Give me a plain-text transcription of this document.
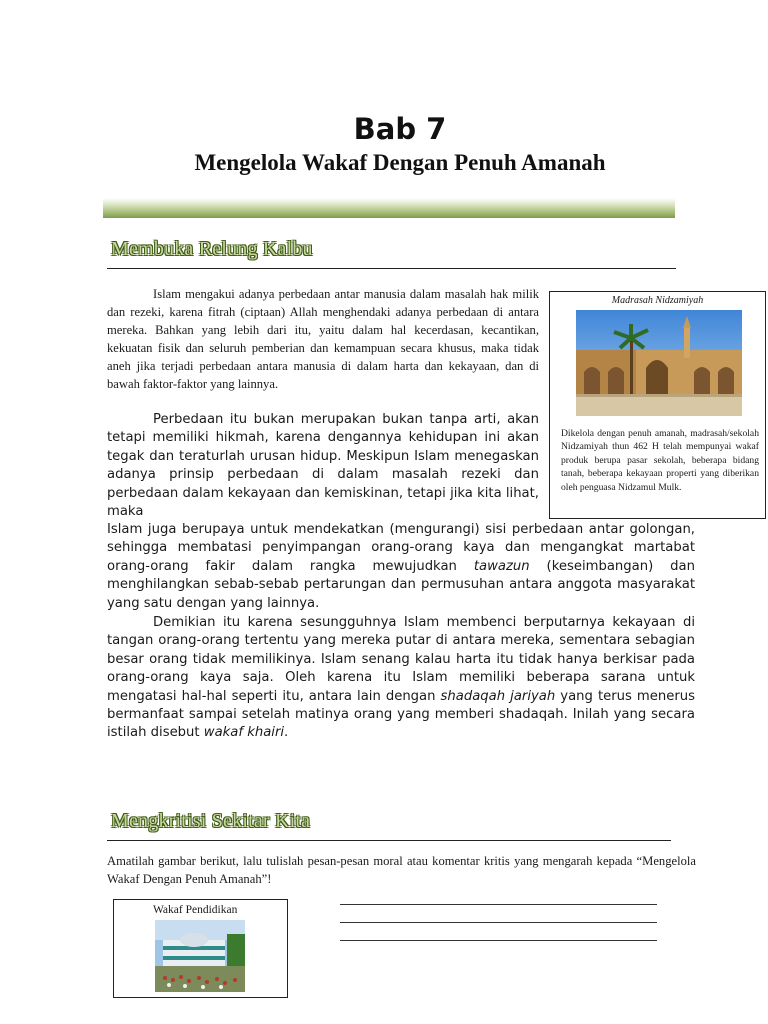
Bab 7
Mengelola Wakaf Dengan Penuh Amanah
Membuka Relung Kalbu
Islam mengakui adanya perbedaan antar manusia dalam masalah hak milik dan rezeki, karena fitrah (ciptaan) Allah menghendaki adanya perbedaan di antara mereka. Bahkan yang lebih dari itu, yaitu dalam hal kecerdasan, kecantikan, kekuatan fisik dan seluruh pemberian dan kemampuan secara khusus, maka tidak aneh jika terjadi perbedaan antara manusia di dalam harta dan kekayaan, dan di bawah faktor-faktor yang lainnya.
Perbedaan itu bukan merupakan bukan tanpa arti, akan tetapi memiliki hikmah, karena dengannya kehidupan ini akan tegak dan teraturlah urusan hidup. Meskipun Islam menegaskan adanya prinsip perbedaan di dalam masalah rezeki dan perbedaan dalam kekayaan dan kemiskinan, tetapi jika kita lihat, maka
Islam juga berupaya untuk mendekatkan (mengurangi) sisi perbedaan antar golongan, sehingga membatasi penyimpangan orang-orang kaya dan mengangkat martabat orang-orang fakir dalam rangka mewujudkan tawazun (keseimbangan) dan menghilangkan sebab-sebab pertarungan dan permusuhan antara anggota masyarakat yang satu dengan yang lainnya.
Demikian itu karena sesungguhnya Islam membenci berputarnya kekayaan di tangan orang-orang tertentu yang mereka putar di antara mereka, sementara sebagian besar orang tidak memilikinya. Islam senang kalau harta itu tidak hanya berkisar pada orang-orang kaya saja. Oleh karena itu Islam memiliki beberapa sarana untuk mengatasi hal-hal seperti itu, antara lain dengan shadaqah jariyah yang terus menerus bermanfaat sampai setelah matinya orang yang memberi shadaqah. Inilah yang secara istilah disebut wakaf khairi.
Madrasah Nidzamiyah
Dikelola dengan penuh amanah, madrasah/sekolah Nidzamiyah thun 462 H telah mempunyai wakaf produk berupa pasar sekolah, beberapa bidang tanah, beberapa kekayaan properti yang diberikan oleh penguasa Nidzamul Mulk.
Mengkritisi Sekitar Kita
Amatilah gambar berikut, lalu tulislah pesan-pesan moral atau komentar kritis yang mengarah kepada “Mengelola Wakaf Dengan Penuh Amanah”!
Wakaf Pendidikan
